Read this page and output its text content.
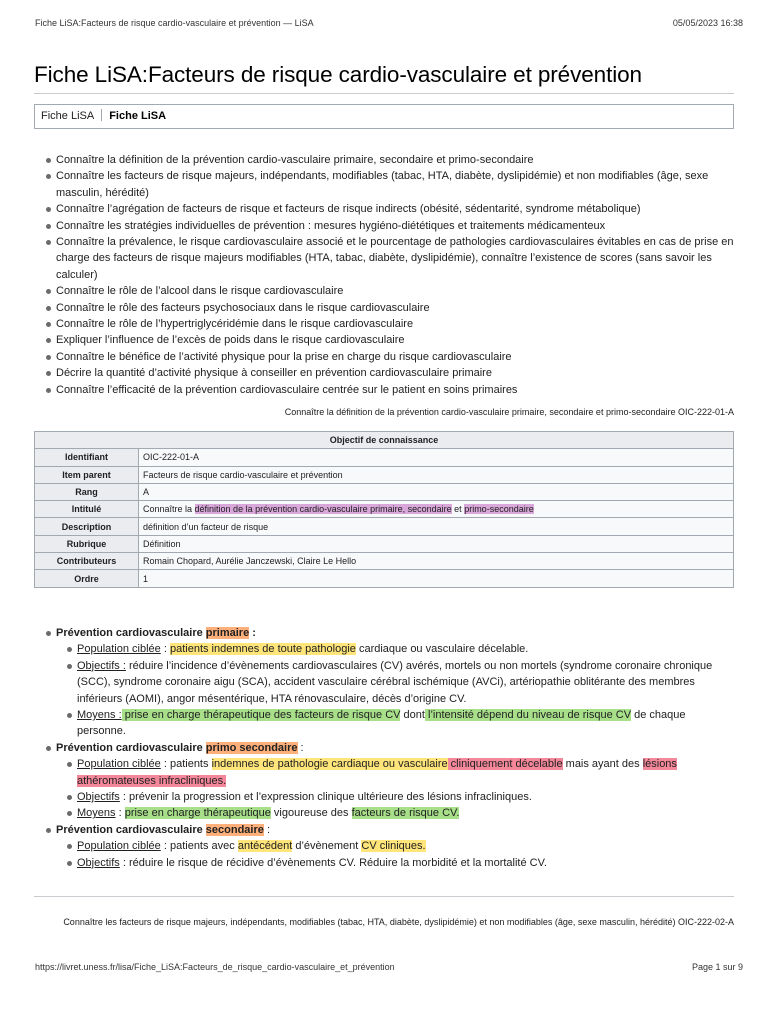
Fiche LiSA:Facteurs de risque cardio-vasculaire et prévention — LiSA	05/05/2023 16:38
Fiche LiSA:Facteurs de risque cardio-vasculaire et prévention
Fiche LiSA Fiche LiSA
Connaître la définition de la prévention cardio-vasculaire primaire, secondaire et primo-secondaire
Connaître les facteurs de risque majeurs, indépendants, modifiables (tabac, HTA, diabète, dyslipidémie) et non modifiables (âge, sexe masculin, hérédité)
Connaître l’agrégation de facteurs de risque et facteurs de risque indirects (obésité, sédentarité, syndrome métabolique)
Connaître les stratégies individuelles de prévention : mesures hygiéno-diététiques et traitements médicamenteux
Connaître la prévalence, le risque cardiovasculaire associé et le pourcentage de pathologies cardiovasculaires évitables en cas de prise en charge des facteurs de risque majeurs modifiables (HTA, tabac, diabète, dyslipidémie), connaître l’existence de scores (sans savoir les calculer)
Connaître le rôle de l’alcool dans le risque cardiovasculaire
Connaître le rôle des facteurs psychosociaux dans le risque cardiovasculaire
Connaître le rôle de l’hypertriglycéridémie dans le risque cardiovasculaire
Expliquer l’influence de l’excès de poids dans le risque cardiovasculaire
Connaître le bénéfice de l’activité physique pour la prise en charge du risque cardiovasculaire
Décrire la quantité d’activité physique à conseiller en prévention cardiovasculaire primaire
Connaître l’efficacité de la prévention cardiovasculaire centrée sur le patient en soins primaires
Connaître la définition de la prévention cardio-vasculaire primaire, secondaire et primo-secondaire OIC-222-01-A
Objectif de connaissance	
Identifiant	OIC-222-01-A
Item parent	Facteurs de risque cardio-vasculaire et prévention
Rang	A
Intitulé	Connaître la définition de la prévention cardio-vasculaire primaire, secondaire et primo-secondaire
Description	définition d’un facteur de risque
Rubrique	Définition
Contributeurs	Romain Chopard, Aurélie Janczewski, Claire Le Hello
Ordre	1
Prévention cardiovasculaire primaire :
Population ciblée : patients indemnes de toute pathologie cardiaque ou vasculaire décelable.
Objectifs : réduire l’incidence d’évènements cardiovasculaires (CV) avérés, mortels ou non mortels (syndrome coronaire chronique (SCC), syndrome coronaire aigu (SCA), accident vasculaire cérébral ischémique (AVCi), artériopathie oblitérante des membres inférieurs (AOMI), angor mésentérique, HTA rénovasculaire, décès d’origine CV.
Moyens : prise en charge thérapeutique des facteurs de risque CV dont l’intensité dépend du niveau de risque CV de chaque personne.
Prévention cardiovasculaire primo secondaire :
Population ciblée : patients indemnes de pathologie cardiaque ou vasculaire cliniquement décelable mais ayant des lésions athéromateuses infracliniques.
Objectifs : prévenir la progression et l’expression clinique ultérieure des lésions infracliniques.
Moyens : prise en charge thérapeutique vigoureuse des facteurs de risque CV.
Prévention cardiovasculaire secondaire :
Population ciblée : patients avec antécédent d’évènement CV cliniques.
Objectifs : réduire le risque de récidive d’évènements CV. Réduire la morbidité et la mortalité CV.
Connaître les facteurs de risque majeurs, indépendants, modifiables (tabac, HTA, diabète, dyslipidémie) et non modifiables (âge, sexe masculin, hérédité) OIC-222-02-A
https://livret.uness.fr/lisa/Fiche_LiSA:Facteurs_de_risque_cardio-vasculaire_et_prévention	Page 1 sur 9
